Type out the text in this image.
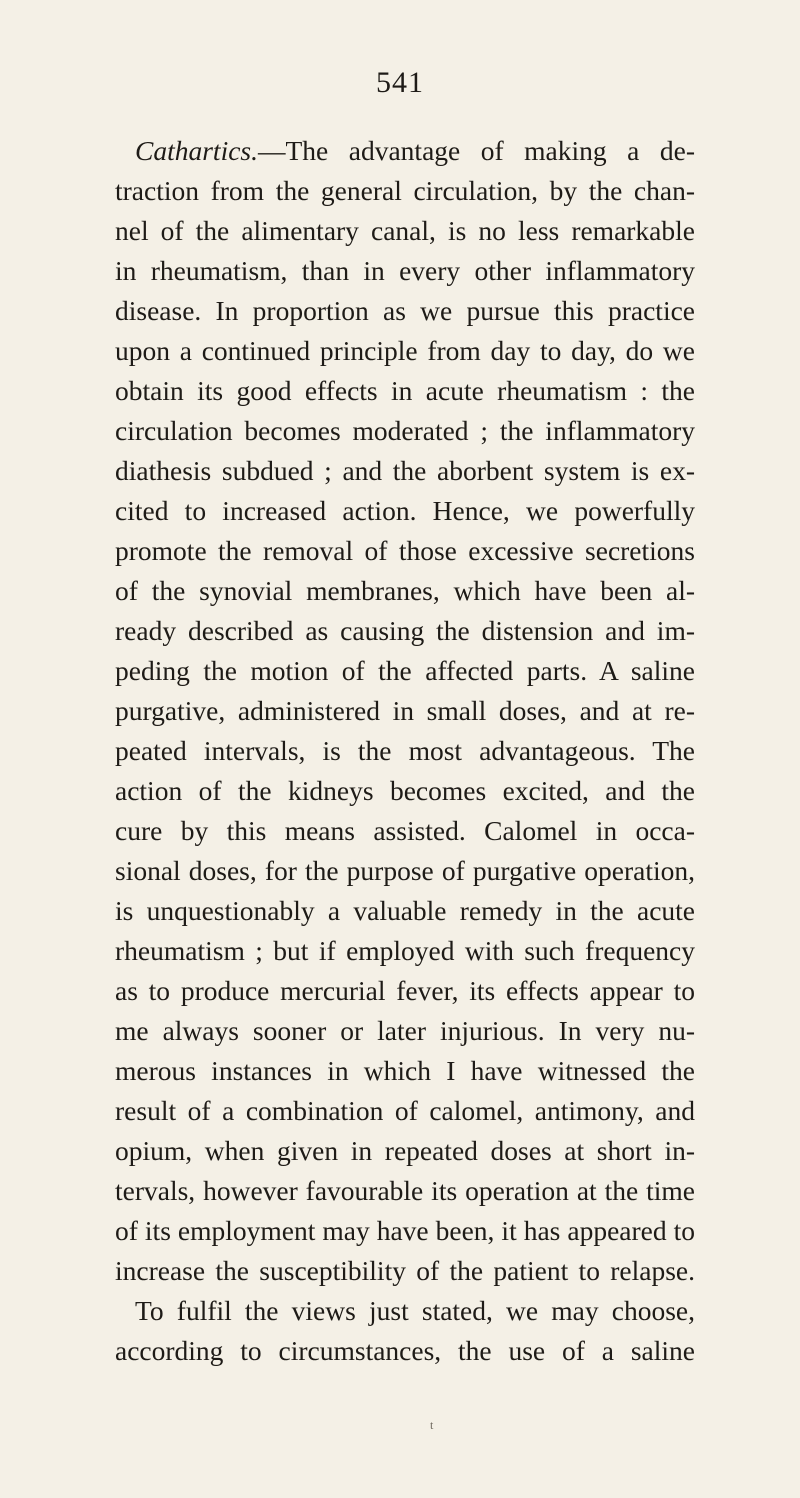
541
Cathartics.—The advantage of making a de-
traction from the general circulation, by the chan-
nel of the alimentary canal, is no less remarkable
in rheumatism, than in every other inflammatory
disease. In proportion as we pursue this practice
upon a continued principle from day to day, do we
obtain its good effects in acute rheumatism : the
circulation becomes moderated ; the inflammatory
diathesis subdued ; and the aborbent system is ex-
cited to increased action. Hence, we powerfully
promote the removal of those excessive secretions
of the synovial membranes, which have been al-
ready described as causing the distension and im-
peding the motion of the affected parts. A saline
purgative, administered in small doses, and at re-
peated intervals, is the most advantageous. The
action of the kidneys becomes excited, and the
cure by this means assisted. Calomel in occa-
sional doses, for the purpose of purgative operation,
is unquestionably a valuable remedy in the acute
rheumatism ; but if employed with such frequency
as to produce mercurial fever, its effects appear to
me always sooner or later injurious. In very nu-
merous instances in which I have witnessed the
result of a combination of calomel, antimony, and
opium, when given in repeated doses at short in-
tervals, however favourable its operation at the time
of its employment may have been, it has appeared to
increase the susceptibility of the patient to relapse.
To fulfil the views just stated, we may choose,
according to circumstances, the use of a saline
t
